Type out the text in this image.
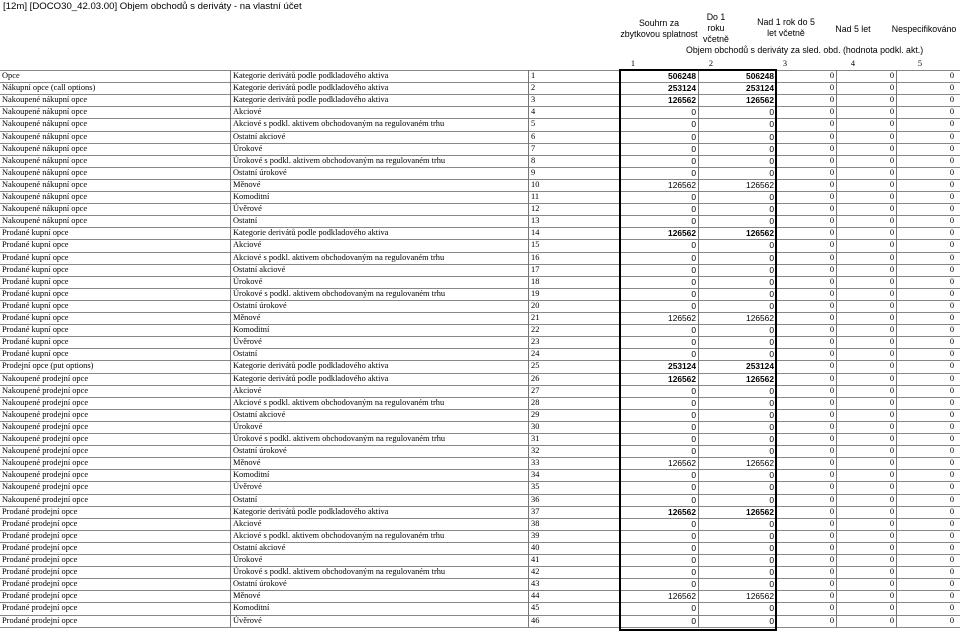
[12m] [DOCO30_42.03.00] Objem obchodů s deriváty - na vlastní účet
Souhrn za zbytkovou splatnost
Do 1 roku včetně
Nad 1 rok do 5 let včetně	Nad 5 let	Nespecifikováno
Objem obchodů s deriváty za sled. obd. (hodnota podkl. akt.)
1	2	3	4	5
Opce	Kategorie derivátů podle podkladového aktiva	1	506248	506248	0	0	0
Nákupní opce (call options)	Kategorie derivátů podle podkladového aktiva	2	253124	253124	0	0	0
Nakoupené nákupní opce	Kategorie derivátů podle podkladového aktiva	3	126562	126562	0	0	0
Nakoupené nákupní opce	Akciové	4	0	0	0	0	0
Nakoupené nákupní opce	Akciové s podkl. aktivem obchodovaným na regulovaném trhu	5	0	0	0	0	0
Nakoupené nákupní opce	Ostatní akciové	6	0	0	0	0	0
Nakoupené nákupní opce	Úrokové	7	0	0	0	0	0
Nakoupené nákupní opce	Úrokové s podkl. aktivem obchodovaným na regulovaném trhu	8	0	0	0	0	0
Nakoupené nákupní opce	Ostatní úrokové	9	0	0	0	0	0
Nakoupené nákupní opce	Měnové	10	126562	126562	0	0	0
Nakoupené nákupní opce	Komoditní	11	0	0	0	0	0
Nakoupené nákupní opce	Úvěrové	12	0	0	0	0	0
Nakoupené nákupní opce	Ostatní	13	0	0	0	0	0
Prodané kupní opce	Kategorie derivátů podle podkladového aktiva	14	126562	126562	0	0	0
Prodané kupní opce	Akciové	15	0	0	0	0	0
Prodané kupní opce	Akciové s podkl. aktivem obchodovaným na regulovaném trhu	16	0	0	0	0	0
Prodané kupní opce	Ostatní akciové	17	0	0	0	0	0
Prodané kupní opce	Úrokové	18	0	0	0	0	0
Prodané kupní opce	Úrokové s podkl. aktivem obchodovaným na regulovaném trhu	19	0	0	0	0	0
Prodané kupní opce	Ostatní úrokové	20	0	0	0	0	0
Prodané kupní opce	Měnové	21	126562	126562	0	0	0
Prodané kupní opce	Komoditní	22	0	0	0	0	0
Prodané kupní opce	Úvěrové	23	0	0	0	0	0
Prodané kupní opce	Ostatní	24	0	0	0	0	0
Prodejní opce (put options)	Kategorie derivátů podle podkladového aktiva	25	253124	253124	0	0	0
Nakoupené prodejní opce	Kategorie derivátů podle podkladového aktiva	26	126562	126562	0	0	0
Nakoupené prodejní opce	Akciové	27	0	0	0	0	0
Nakoupené prodejní opce	Akciové s podkl. aktivem obchodovaným na regulovaném trhu	28	0	0	0	0	0
Nakoupené prodejní opce	Ostatní akciové	29	0	0	0	0	0
Nakoupené prodejní opce	Úrokové	30	0	0	0	0	0
Nakoupené prodejní opce	Úrokové s podkl. aktivem obchodovaným na regulovaném trhu	31	0	0	0	0	0
Nakoupené prodejní opce	Ostatní úrokové	32	0	0	0	0	0
Nakoupené prodejní opce	Měnové	33	126562	126562	0	0	0
Nakoupené prodejní opce	Komoditní	34	0	0	0	0	0
Nakoupené prodejní opce	Úvěrové	35	0	0	0	0	0
Nakoupené prodejní opce	Ostatní	36	0	0	0	0	0
Prodané prodejní opce	Kategorie derivátů podle podkladového aktiva	37	126562	126562	0	0	0
Prodané prodejní opce	Akciové	38	0	0	0	0	0
Prodané prodejní opce	Akciové s podkl. aktivem obchodovaným na regulovaném trhu	39	0	0	0	0	0
Prodané prodejní opce	Ostatní akciové	40	0	0	0	0	0
Prodané prodejní opce	Úrokové	41	0	0	0	0	0
Prodané prodejní opce	Úrokové s podkl. aktivem obchodovaným na regulovaném trhu	42	0	0	0	0	0
Prodané prodejní opce	Ostatní úrokové	43	0	0	0	0	0
Prodané prodejní opce	Měnové	44	126562	126562	0	0	0
Prodané prodejní opce	Komoditní	45	0	0	0	0	0
Prodané prodejní opce	Úvěrové	46	0	0	0	0	0
